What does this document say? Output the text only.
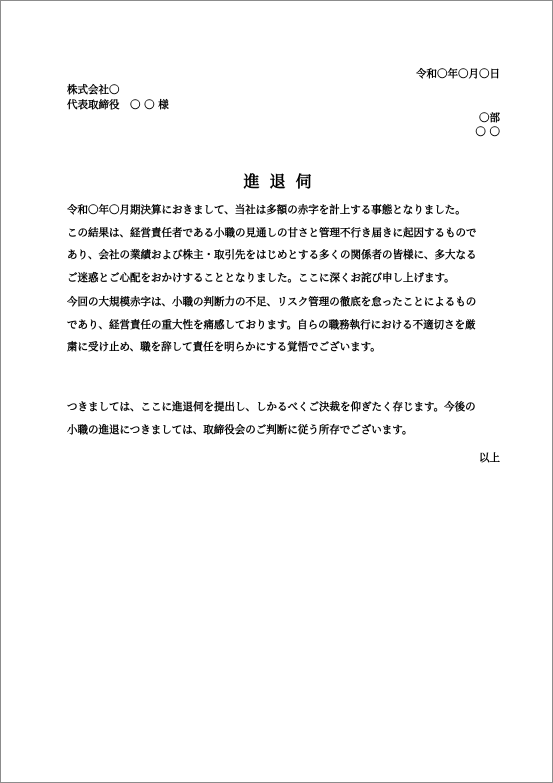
令和〇年〇月〇日

株式会社〇

代表取締役　〇 〇 様

〇部

〇 〇

進退伺
令和〇年〇月期決算におきまして、当社は多額の赤字を計上する事態となりました。
この結果は、経営責任者である小職の見通しの甘さと管理不行き届きに起因するもので
あり、会社の業績および株主・取引先をはじめとする多くの関係者の皆様に、多大なる
ご迷惑とご心配をおかけすることとなりました。ここに深くお詫び申し上げます。
今回の大規模赤字は、小職の判断力の不足、リスク管理の徹底を怠ったことによるもの
であり、経営責任の重大性を痛感しております。自らの職務執行における不適切さを厳
粛に受け止め、職を辞して責任を明らかにする覚悟でございます。
つきましては、ここに進退伺を提出し、しかるべくご決裁を仰ぎたく存じます。今後の
小職の進退につきましては、取締役会のご判断に従う所存でございます。

以上
